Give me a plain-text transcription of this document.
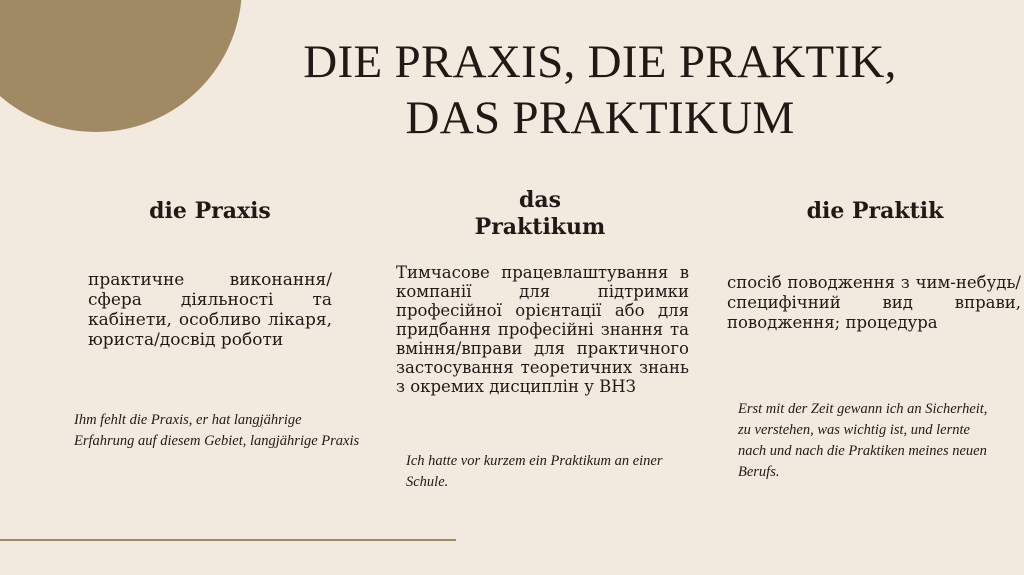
DIE PRAXIS, DIE PRAKTIK,
DAS PRAKTIKUM
die Praxis	das Praktikum
die Praktik

практичне виконання/ сфера діяльності та кабінети, особливо лікаря, юриста/досвід роботи

Тимчасове працевлаштування в компанії для підтримки професійної орієнтації або для придбання професійні знання та вміння/вправи для практичного застосування теоретичних знань з окремих дисциплін у ВНЗ

спосіб поводження з чим-небудь/специфічний вид вправи, поводження; процедура

Ihm fehlt die Praxis, er hat langjährige Erfahrung auf diesem Gebiet, langjährige Praxis

Ich hatte vor kurzem ein Praktikum an einer Schule.

Erst mit der Zeit gewann ich an Sicherheit, zu verstehen, was wichtig ist, und lernte nach und nach die Praktiken meines neuen Berufs.
